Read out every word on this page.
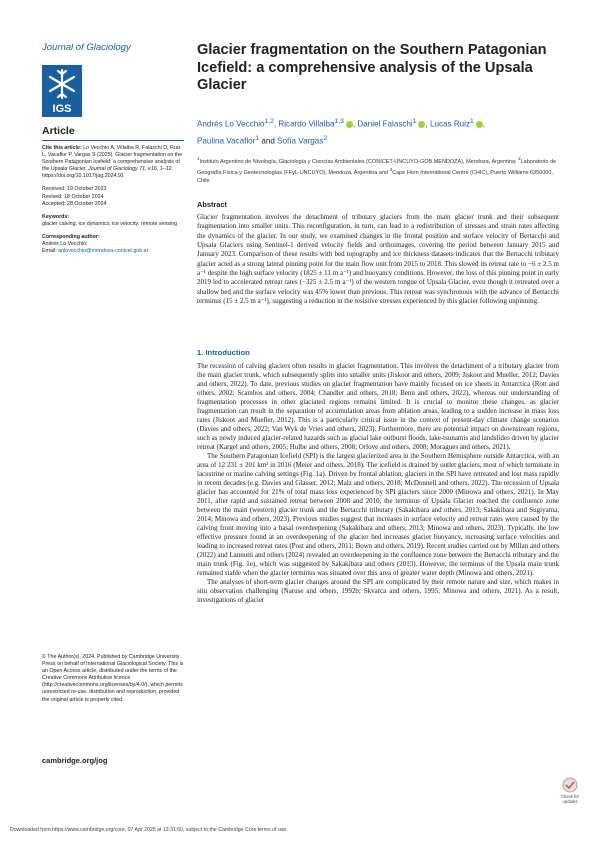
Journal of Glaciology
IGS
Article
Cite this article: Lo Vecchio A, Villalba R, Falaschi D, Ruiz L, Vacaflor P, Vargas S (2025). Glacier fragmentation on the Southern Patagonian Icefield: a comprehensive analysis of the Upsala Glacier. Journal of Glaciology 71, e16, 1–12. https://doi.org/10.1017/jog.2024.91
Received: 19 October 2023
Revised: 18 October 2024
Accepted: 28 October 2024
Keywords:
glacier calving; ice dynamics; ice velocity; remote sensing
Corresponding author:
Andrés Lo Vecchio;
Email: anlovecchio@mendoza-conicet.gob.ar
© The Author(s), 2024. Published by Cambridge University Press on behalf of International Glaciological Society. This is an Open Access article, distributed under the terms of the Creative Commons Attribution licence (http://creativecommons.org/licenses/by/4.0/), which permits unrestricted re-use, distribution and reproduction, provided the original article is properly cited.
cambridge.org/jog
Glacier fragmentation on the Southern Patagonian Icefield: a comprehensive analysis of the Upsala Glacier
Andrés Lo Vecchio$^{1,2}$, Ricardo Villalba$^{1,3}$ , Daniel Falaschi$^1$ , Lucas Ruiz$^1$ ,
Paulina Vacaflor$^1$ and Sofía Vargas$^2$
$^1$Instituto Argentino de Nivología, Glaciología y Ciencias Ambientales (CONICET-UNCUYO-GOB.MENDOZA), Mendoza, Argentina; $^2$Laboratorio de Geografía Física y Geotecnologías (FFyL-UNCUYO), Mendoza, Argentina and $^3$Cape Horn International Centre (CHIC), Puerto Williams 6350000, Chile
Abstract
Glacier fragmentation involves the detachment of tributary glaciers from the main glacier trunk and their subsequent fragmentation into smaller units. This reconfiguration, in turn, can lead to a redistribution of stresses and strain rates affecting the dynamics of the glacier. In our study, we examined changes in the frontal position and surface velocity of Bertacchi and Upsala Glaciers using Sentinel-1 derived velocity fields and orthoimages, covering the period between January 2015 and January 2023. Comparison of these results with bed topography and ice thickness datasets indicates that the Bertacchi tributary glacier acted as a strong lateral pinning point for the main flow unit from 2015 to 2018. This slowed its retreat rate to −6 ± 2.5 m a⁻¹ despite the high surface velocity (1825 ± 11 m a⁻¹) and buoyancy conditions. However, the loss of this pinning point in early 2019 led to accelerated retreat rates (−325 ± 2.5 m a⁻¹) of the western tongue of Upsala Glacier, even though it retreated over a shallow bed and the surface velocity was 45% lower than previous. This retreat was synchronous with the advance of Bertacchi terminus (15 ± 2.5 m a⁻¹), suggesting a reduction in the resistive stresses experienced by this glacier following unpinning.
1. Introduction

The recession of calving glaciers often results in glacier fragmentation. This involves the detachment of a tributary glacier from the main glacier trunk, which subsequently splits into smaller units (Jiskoot and others, 2009; Jiskoot and Mueller, 2012; Davies and others, 2022). To date, previous studies on glacier fragmentation have mainly focused on ice sheets in Antarctica (Rott and others, 2002; Scambos and others, 2004; Chandler and others, 2018; Benn and others, 2022), whereas our understanding of fragmentation processes in other glaciated regions remains limited. It is crucial to monitor these changes, as glacier fragmentation can result in the separation of accumulation areas from ablation areas, leading to a sudden increase in mass loss rates (Jiskoot and Mueller, 2012). This is a particularly critical issue in the context of present-day climate change scenarios (Davies and others, 2022; Van Wyk de Vries and others, 2023). Furthermore, there are potential impact on downstream regions, such as newly induced glacier-related hazards such as glacial lake outburst floods, lake-tsunamis and landslides driven by glacier retreat (Kargel and others, 2005; Hulbe and others, 2008; Orlove and others, 2008; Moragues and others, 2021).

The Southern Patagonian Icefield (SPI) is the largest glacierized area in the Southern Hemisphere outside Antarctica, with an area of 12 231 ± 201 km² in 2016 (Meier and others, 2018). The icefield is drained by outlet glaciers, most of which terminate in lacustrine or marine calving settings (Fig. 1a). Driven by frontal ablation, glaciers in the SPI have retreated and lost mass rapidly in recent decades (e.g. Davies and Glasser, 2012; Malz and others, 2018; McDonnell and others, 2022). The recession of Upsala glacier has accounted for 21% of total mass loss experienced by SPI glaciers since 2000 (Minowa and others, 2021). In May 2011, after rapid and sustained retreat between 2008 and 2010, the terminus of Upsala Glacier reached the confluence zone between the main (western) glacier trunk and the Bertacchi tributary (Sakakibara and others, 2013; Sakakibara and Sugiyama, 2014; Minowa and others, 2023). Previous studies suggest that increases in surface velocity and retreat rates were caused by the calving front moving into a basal overdeepening (Sakakibara and others, 2013; Minowa and others, 2023). Typically, the low effective pressure found at an overdeepening of the glacier bed increases glacier buoyancy, increasing surface velocities and leading to increased retreat rates (Post and others, 2011; Bown and others, 2019). Recent studies carried out by Millan and others (2022) and Lannutti and others (2024) revealed an overdeepening in the confluence zone between the Bertacchi tributary and the main trunk (Fig. 1e), which was suggested by Sakakibara and others (2013). However, the terminus of the Upsala main trunk remained stable when the glacier terminus was situated over this area of greater water depth (Minowa and others, 2021).

The analyses of short-term glacier changes around the SPI are complicated by their remote nature and size, which makes in situ observation challenging (Naruse and others, 1992b; Skvarca and others, 1995; Minowa and others, 2021). As a result, investigations of glacier

Check for
updates
Downloaded from https://www.cambridge.org/core. 07 Apr 2025 at 13:31:50, subject to the Cambridge Core terms of use.
